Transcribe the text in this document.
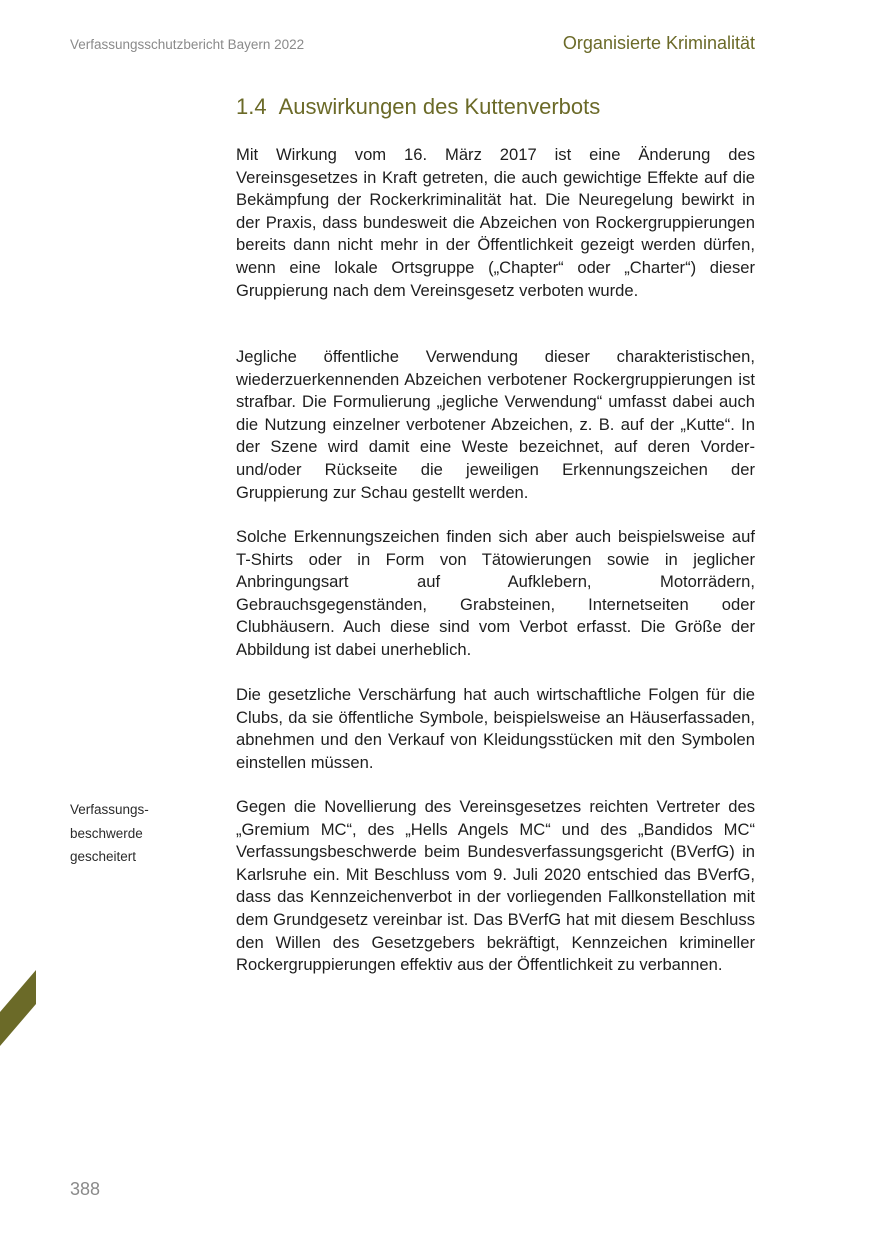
Verfassungsschutzbericht Bayern 2022	Organisierte Kriminalität
1.4 Auswirkungen des Kuttenverbots

Mit Wirkung vom 16. März 2017 ist eine Änderung des Vereinsgesetzes in Kraft getreten, die auch gewichtige Effekte auf die Bekämpfung der Rockerkriminalität hat. Die Neuregelung bewirkt in der Praxis, dass bundesweit die Abzeichen von Rockergruppierungen bereits dann nicht mehr in der Öffentlichkeit gezeigt werden dürfen, wenn eine lokale Ortsgruppe („Chapter“ oder „Charter“) dieser Gruppierung nach dem Vereinsgesetz verboten wurde.

Jegliche öffentliche Verwendung dieser charakteristischen, wiederzuerkennenden Abzeichen verbotener Rockergruppierungen ist strafbar. Die Formulierung „jegliche Verwendung“ umfasst dabei auch die Nutzung einzelner verbotener Abzeichen, z. B. auf der „Kutte“. In der Szene wird damit eine Weste bezeichnet, auf deren Vorder- und/oder Rückseite die jeweiligen Erkennungszeichen der Gruppierung zur Schau gestellt werden.

Solche Erkennungszeichen finden sich aber auch beispielsweise auf T-Shirts oder in Form von Tätowierungen sowie in jeglicher Anbringungsart auf Aufklebern, Motorrädern, Gebrauchsgegenständen, Grabsteinen, Internetseiten oder Clubhäusern. Auch diese sind vom Verbot erfasst. Die Größe der Abbildung ist dabei unerheblich.

Die gesetzliche Verschärfung hat auch wirtschaftliche Folgen für die Clubs, da sie öffentliche Symbole, beispielsweise an Häuserfassaden, abnehmen und den Verkauf von Kleidungsstücken mit den Symbolen einstellen müssen.

Gegen die Novellierung des Vereinsgesetzes reichten Vertreter des „Gremium MC“, des „Hells Angels MC“ und des „Bandidos MC“ Verfassungsbeschwerde beim Bundesverfassungsgericht (BVerfG) in Karlsruhe ein. Mit Beschluss vom 9. Juli 2020 entschied das BVerfG, dass das Kennzeichenverbot in der vorliegenden Fallkonstellation mit dem Grundgesetz vereinbar ist. Das BVerfG hat mit diesem Beschluss den Willen des Gesetzgebers bekräftigt, Kennzeichen krimineller Rockergruppierungen effektiv aus der Öffentlichkeit zu verbannen.

Verfassungs-
beschwerde
gescheitert
388
